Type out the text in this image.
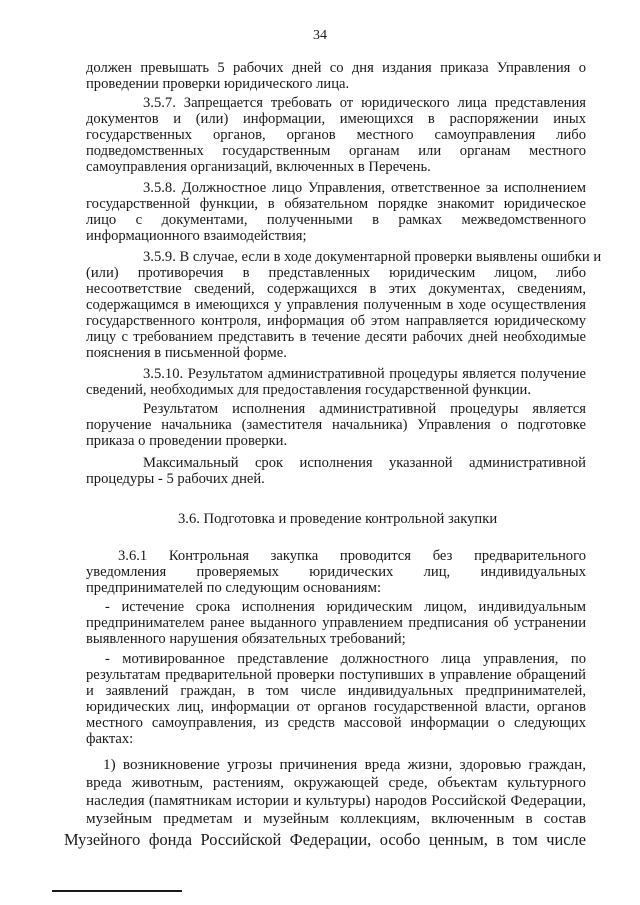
34
должен превышать 5 рабочих дней со дня издания приказа Управления о
проведении проверки юридического лица.
3.5.7. Запрещается требовать от юридического лица представления
документов и (или) информации, имеющихся в распоряжении иных
государственных органов, органов местного самоуправления либо
подведомственных государственным органам или органам местного
самоуправления организаций, включенных в Перечень.
3.5.8. Должностное лицо Управления, ответственное за исполнением
государственной функции, в обязательном порядке знакомит юридическое
лицо с документами, полученными в рамках межведомственного
информационного взаимодействия;
3.5.9. В случае, если в ходе документарной проверки выявлены ошибки и
(или) противоречия в представленных юридическим лицом, либо
несоответствие сведений, содержащихся в этих документах, сведениям,
содержащимся в имеющихся у управления полученным в ходе осуществления
государственного контроля, информация об этом направляется юридическому
лицу с требованием представить в течение десяти рабочих дней необходимые
пояснения в письменной форме.
3.5.10. Результатом административной процедуры является получение
сведений, необходимых для предоставления государственной функции.
Результатом исполнения административной процедуры является
поручение начальника (заместителя начальника) Управления о подготовке
приказа о проведении проверки.
Максимальный срок исполнения указанной административной
процедуры - 5 рабочих дней.
3.6. Подготовка и проведение контрольной закупки
3.6.1 Контрольная закупка проводится без предварительного
уведомления проверяемых юридических лиц, индивидуальных
предпринимателей по следующим основаниям:
- истечение срока исполнения юридическим лицом, индивидуальным
предпринимателем ранее выданного управлением предписания об устранении
выявленного нарушения обязательных требований;
- мотивированное представление должностного лица управления, по
результатам предварительной проверки поступивших в управление обращений
и заявлений граждан, в том числе индивидуальных предпринимателей,
юридических лиц, информации от органов государственной власти, органов
местного самоуправления, из средств массовой информации о следующих
фактах:
1) возникновение угрозы причинения вреда жизни, здоровью граждан,
вреда животным, растениям, окружающей среде, объектам культурного
наследия (памятникам истории и культуры) народов Российской Федерации,
музейным предметам и музейным коллекциям, включенным в состав
Музейного фонда Российской Федерации, особо ценным, в том числе
